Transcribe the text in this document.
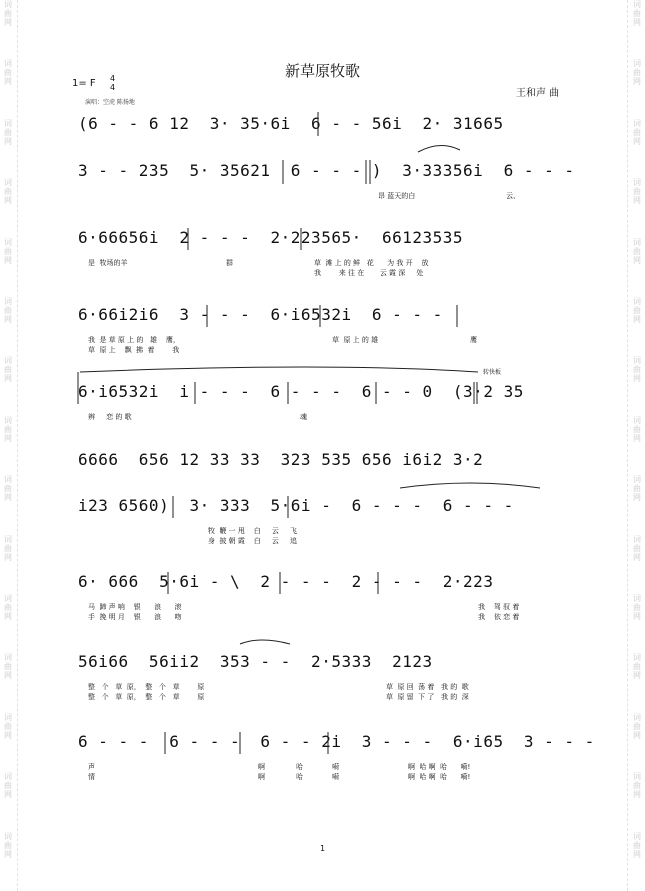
词
曲
网
词
曲
网
词
曲
网
词
曲
网
词
曲
网
词
曲
网
词
曲
网
词
曲
网
词
曲
网
词
曲
网
词
曲
网
词
曲
网
词
曲
网
词
曲
网
词
曲
网
词
曲
网
词
曲
网
词
曲
网
词
曲
网
词
曲
网
词
曲
网
词
曲
网
词
曲
网
词
曲
网
词
曲
网
词
曲
网
词
曲
网
词
曲
网
词
曲
网
词
曲
网
新草原牧歌
1= F 4
4
王和声 曲
演唱：空虎 陈扬地
转快板
(6 - - 6 12  3· 35·6i  6 - - 56i  2· 31665
3 - - 235  5· 35621  6 - - - )  3·33356i  6 - - -
昂 蓝天的白	云、
6·66656i  2 - - -  2·223565·  66123535
是  牧场的羊	群	草  滩 上 的 鲜   花      为 我 开    放
6·66i2i6  3 - - -  6·i6532i  6 - - -
我  是 草 原 上 的   雄    鹰，	草  原 上 的 雄	鹰
6·i6532i  i - - -  6 - - -  6 - - 0  (3·2 35
辨     恋 的 歌	魂
6666  656 12 33 33  323 535 656 i6i2 3·2
i23 6560)  3· 333  5·6i -  6 - - -  6 - - -
牧  鞭 一 甩    白     云     飞
6· 666  5·6i - \  2 - - -  2 - - -  2·223
马  蹄 声 响    银      浪      滚	我    驾 驭 着
56i66  56ii2  353 - -  2·5333  2123
整   个   草  原，  整   个   草        原	草  原 回  荡 着   我 的  歌
6 - - -  6 - - -  6 - - 2i  3 - - -  6·i65  3 - - -
声	啊              哈             嗬	啊  哈 啊  哈      嗬!
我        来 往 在       云 霞 深     处
草  原 上    飘  拂  着        我
身  披 朝 霞    白     云     追
手  挽 明 月    银      浪      吻	我    依 恋 着
整   个   草  原，  整   个   草        原	草  原 留  下 了   我 的  深
情	啊              哈             嗬	啊  哈 啊  哈      嗬!
1
